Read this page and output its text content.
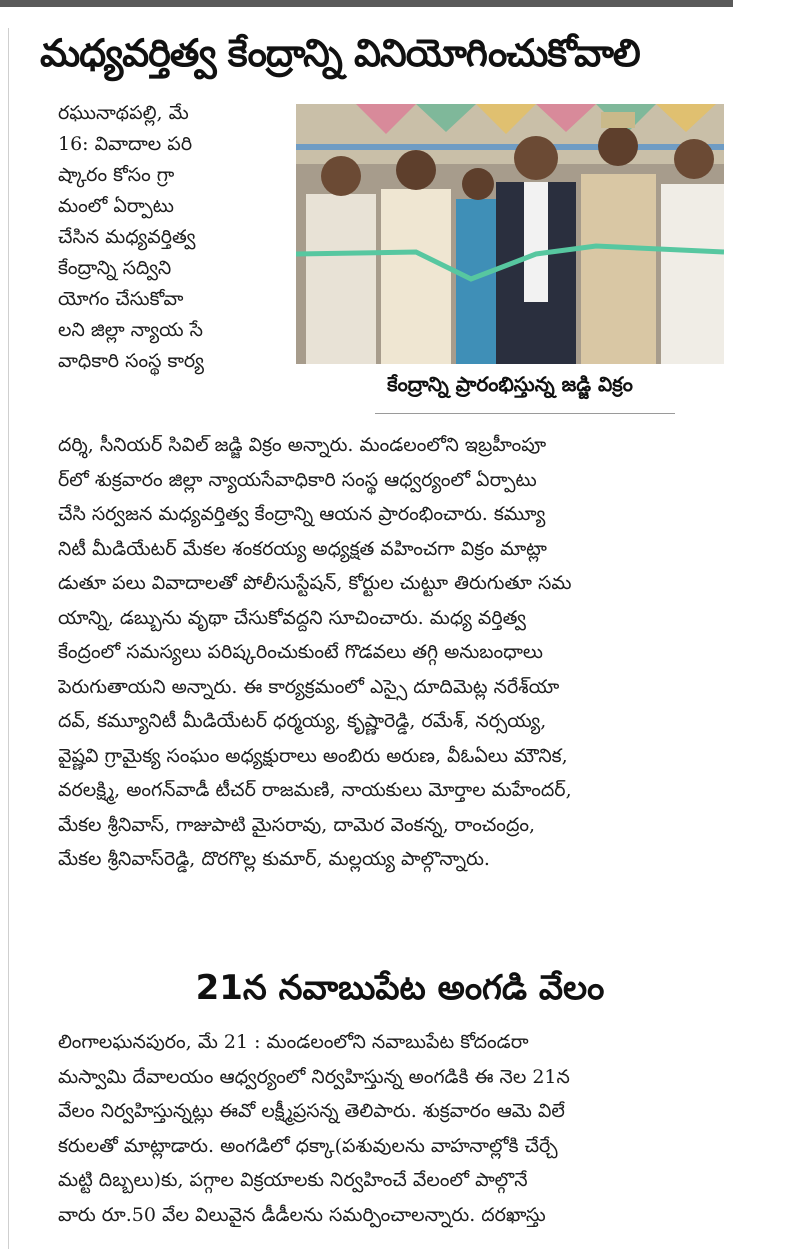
మధ్యవర్తిత్వ కేంద్రాన్ని వినియోగించుకోవాలి
రఘునాథపల్లి, మే
16: వివాదాల పరి
ష్కారం కోసం గ్రా
మంలో ఏర్పాటు
చేసిన మధ్యవర్తిత్వ
కేంద్రాన్ని సద్విని
యోగం చేసుకోవా
లని జిల్లా న్యాయ సే
వాధికారి సంస్థ కార్య
కేంద్రాన్ని ప్రారంభిస్తున్న జడ్జి విక్రం
దర్శి, సీనియర్ సివిల్ జడ్జి విక్రం అన్నారు. మండలంలోని ఇబ్రహీంపూ
ర్‌లో శుక్రవారం జిల్లా న్యాయసేవాధికారి సంస్థ ఆధ్వర్యంలో ఏర్పాటు
చేసి సర్వజన మధ్యవర్తిత్వ కేంద్రాన్ని ఆయన ప్రారంభించారు. కమ్యూ
నిటీ మీడియేటర్ మేకల శంకరయ్య అధ్యక్షత వహించగా విక్రం మాట్లా
డుతూ పలు వివాదాలతో పోలీసుస్టేషన్, కోర్టుల చుట్టూ తిరుగుతూ సమ
యాన్ని, డబ్బును వృథా చేసుకోవద్దని సూచించారు. మధ్య వర్తిత్వ
కేంద్రంలో సమస్యలు పరిష్కరించుకుంటే గొడవలు తగ్గి అనుబంధాలు
పెరుగుతాయని అన్నారు. ఈ కార్యక్రమంలో ఎస్సై దూదిమెట్ల నరేశ్‌యా
దవ్, కమ్యూనిటీ మీడియేటర్ ధర్మయ్య, కృష్ణారెడ్డి, రమేశ్, నర్సయ్య,
వైష్ణవి గ్రామైక్య సంఘం అధ్యక్షురాలు అంబిరు అరుణ, వీఓఏలు మౌనిక,
వరలక్ష్మి, అంగన్‌వాడీ టీచర్ రాజమణి, నాయకులు మోర్తాల మహేందర్,
మేకల శ్రీనివాస్, గాజుపాటి మైసరావు, దామెర వెంకన్న, రాంచంద్రం,
మేకల శ్రీనివాస్‌రెడ్డి, దొరగొల్ల కుమార్, మల్లయ్య పాల్గొన్నారు.
21న నవాబుపేట అంగడి వేలం
లింగాలఘనపురం, మే 21 : మండలంలోని నవాబుపేట కోదండరా
మస్వామి దేవాలయం ఆధ్వర్యంలో నిర్వహిస్తున్న అంగడికి ఈ నెల 21న
వేలం నిర్వహిస్తున్నట్లు ఈవో లక్ష్మీప్రసన్న తెలిపారు. శుక్రవారం ఆమె విలే
కరులతో మాట్లాడారు. అంగడిలో ధక్కా(పశువులను వాహనాల్లోకి చేర్చే
మట్టి దిబ్బలు)కు, పగ్గాల విక్రయాలకు నిర్వహించే వేలంలో పాల్గొనే
వారు రూ.50 వేల విలువైన డీడీలను సమర్పించాలన్నారు. దరఖాస్తు
